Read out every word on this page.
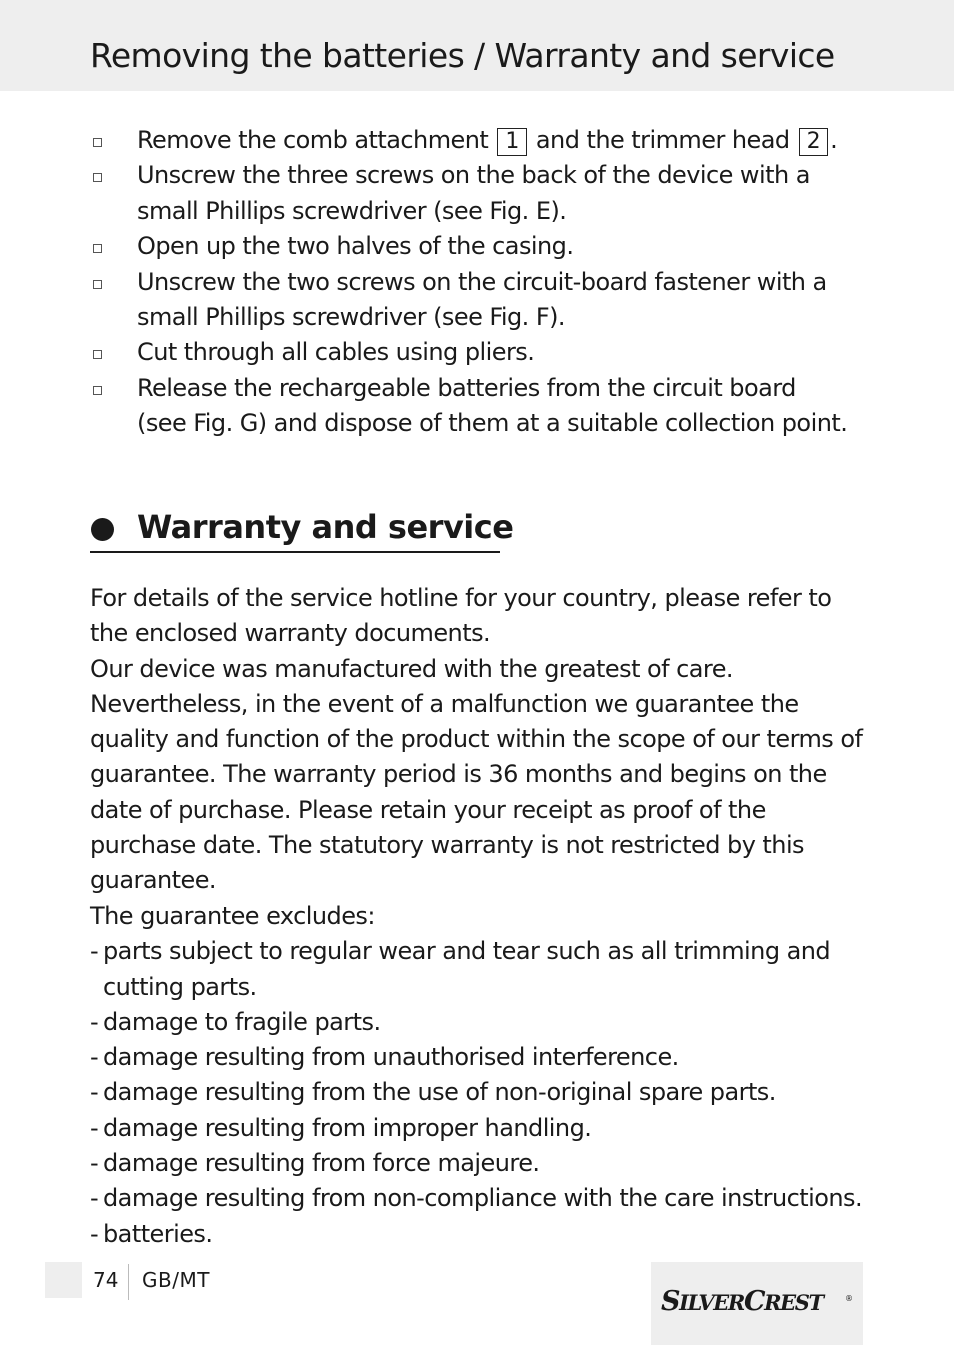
Removing the batteries / Warranty and service
Remove the comb attachment 1 and the trimmer head 2 .
Unscrew the three screws on the back of the device with a small Phillips screwdriver (see Fig. E).
Open up the two halves of the casing.
Unscrew the two screws on the circuit-board fastener with a small Phillips screwdriver (see Fig. F).
Cut through all cables using pliers.
Release the rechargeable batteries from the circuit board
(see Fig. G) and dispose of them at a suitable collection point.
Warranty and service

For details of the service hotline for your country, please refer to the enclosed warranty documents.

Our device was manufactured with the greatest of care. Nevertheless, in the event of a malfunction we guarantee the quality and function of the product within the scope of our terms of guarantee. The warranty period is 36 months and begins on the date of purchase. Please retain your receipt as proof of the purchase date. The statutory warranty is not restricted by this guarantee.

The guarantee excludes:

- parts subject to regular wear and tear such as all trimming and cutting parts.
- damage to fragile parts.
- damage resulting from unauthorised interference.
- damage resulting from the use of non-original spare parts.
- damage resulting from improper handling.
- damage resulting from force majeure.
- damage resulting from non-compliance with the care instructions.
- batteries.
74 GB/MT
SILVERCREST	®
